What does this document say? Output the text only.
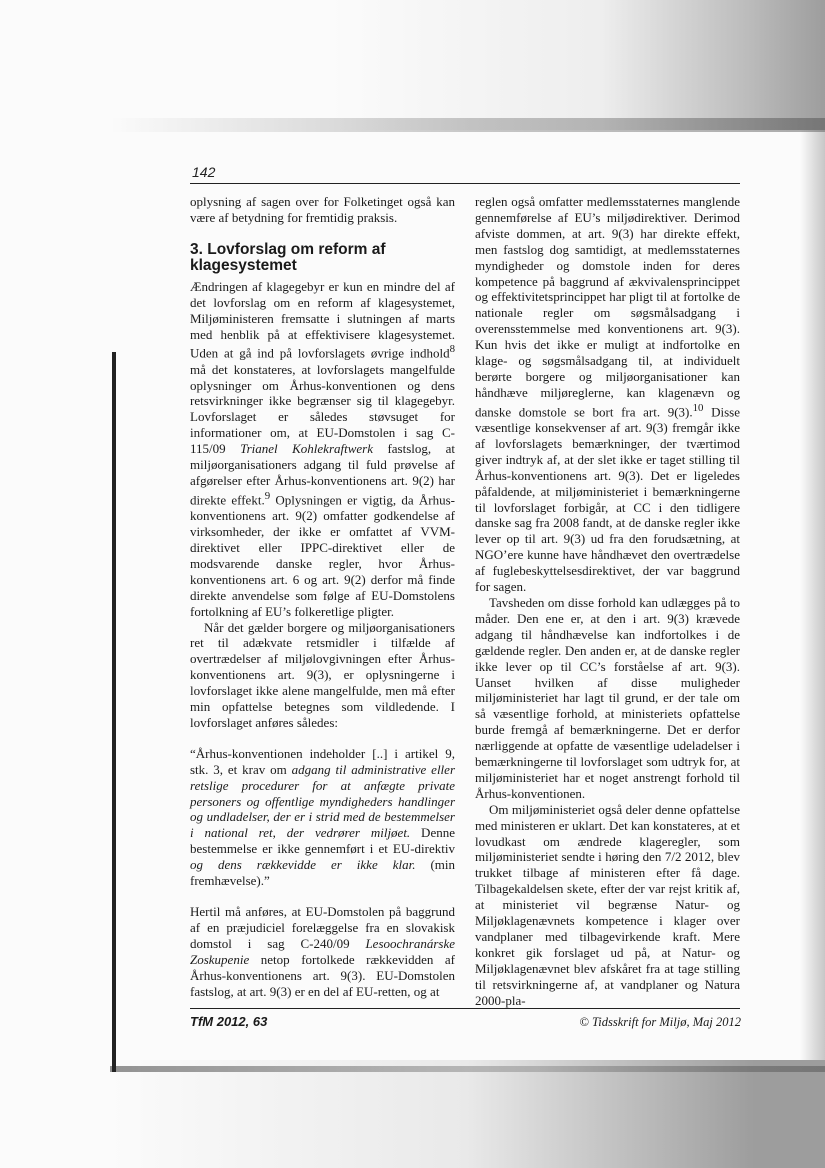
142

oplysning af sagen over for Folketinget også kan være af betydning for fremtidig praksis.

3. Lovforslag om reform af klagesystemet

Ændringen af klagegebyr er kun en mindre del af det lovforslag om en reform af klagesystemet, Miljøministeren fremsatte i slutningen af marts med henblik på at effektivisere klagesystemet. Uden at gå ind på lovforslagets øvrige indhold$^8$ må det konstateres, at lovforslagets mangelfulde oplysninger om Århus-konventionen og dens retsvirkninger ikke begrænser sig til klagegebyr. Lovforslaget er således støvsuget for informationer om, at EU-Domstolen i sag C-115/09 Trianel Kohlekraftwerk fastslog, at miljøorganisationers adgang til fuld prøvelse af afgørelser efter Århus-konventionens art. 9(2) har direkte effekt.$^9$ Oplysningen er vigtig, da Århus-konventionens art. 9(2) omfatter godkendelse af virksomheder, der ikke er omfattet af VVM-direktivet eller IPPC-direktivet eller de modsvarende danske regler, hvor Århus-konventionens art. 6 og art. 9(2) derfor må finde direkte anvendelse som følge af EU-Domstolens fortolkning af EU’s folkeretlige pligter.

Når det gælder borgere og miljøorganisationers ret til adækvate retsmidler i tilfælde af overtrædelser af miljølovgivningen efter Århus-konventionens art. 9(3), er oplysningerne i lovforslaget ikke alene mangelfulde, men må efter min opfattelse betegnes som vildledende. I lovforslaget anføres således:

“Århus-konventionen indeholder [..] i artikel 9, stk. 3, et krav om adgang til administrative eller retslige procedurer for at anfægte private personers og offentlige myndigheders handlinger og undladelser, der er i strid med de bestemmelser i national ret, der vedrører miljøet. Denne bestemmelse er ikke gennemført i et EU-direktiv og dens rækkevidde er ikke klar. (min fremhævelse).”

Hertil må anføres, at EU-Domstolen på baggrund af en præjudiciel forelæggelse fra en slovakisk domstol i sag C-240/09 Lesoochranárske Zoskupenie netop fortolkede rækkevidden af Århus-konventionens art. 9(3). EU-Domstolen fastslog, at art. 9(3) er en del af EU-retten, og at

reglen også omfatter medlemsstaternes manglende gennemførelse af EU’s miljødirektiver. Derimod afviste dommen, at art. 9(3) har direkte effekt, men fastslog dog samtidigt, at medlemsstaternes myndigheder og domstole inden for deres kompetence på baggrund af ækvivalensprincippet og effektivitetsprincippet har pligt til at fortolke de nationale regler om søgsmålsadgang i overensstemmelse med konventionens art. 9(3). Kun hvis det ikke er muligt at indfortolke en klage- og søgsmålsadgang til, at individuelt berørte borgere og miljøorganisationer kan håndhæve miljøreglerne, kan klagenævn og danske domstole se bort fra art. 9(3).$^{10}$ Disse væsentlige konsekvenser af art. 9(3) fremgår ikke af lovforslagets bemærkninger, der tværtimod giver indtryk af, at der slet ikke er taget stilling til Århus-konventionens art. 9(3). Det er ligeledes påfaldende, at miljøministeriet i bemærkningerne til lovforslaget forbigår, at CC i den tidligere danske sag fra 2008 fandt, at de danske regler ikke lever op til art. 9(3) ud fra den forudsætning, at NGO’ere kunne have håndhævet den overtrædelse af fuglebeskyttelsesdirektivet, der var baggrund for sagen.

Tavsheden om disse forhold kan udlægges på to måder. Den ene er, at den i art. 9(3) krævede adgang til håndhævelse kan indfortolkes i de gældende regler. Den anden er, at de danske regler ikke lever op til CC’s forståelse af art. 9(3). Uanset hvilken af disse muligheder miljøministeriet har lagt til grund, er der tale om så væsentlige forhold, at ministeriets opfattelse burde fremgå af bemærkningerne. Det er derfor nærliggende at opfatte de væsentlige udeladelser i bemærkningerne til lovforslaget som udtryk for, at miljøministeriet har et noget anstrengt forhold til Århus-konventionen.

Om miljøministeriet også deler denne opfattelse med ministeren er uklart. Det kan konstateres, at et lovudkast om ændrede klageregler, som miljøministeriet sendte i høring den 7/2 2012, blev trukket tilbage af ministeren efter få dage. Tilbagekaldelsen skete, efter der var rejst kritik af, at ministeriet vil begrænse Natur- og Miljøklagenævnets kompetence i klager over vandplaner med tilbagevirkende kraft. Mere konkret gik forslaget ud på, at Natur- og Miljøklagenævnet blev afskåret fra at tage stilling til retsvirkningerne af, at vandplaner og Natura 2000-pla-

TfM 2012, 63	© Tidsskrift for Miljø, Maj 2012
